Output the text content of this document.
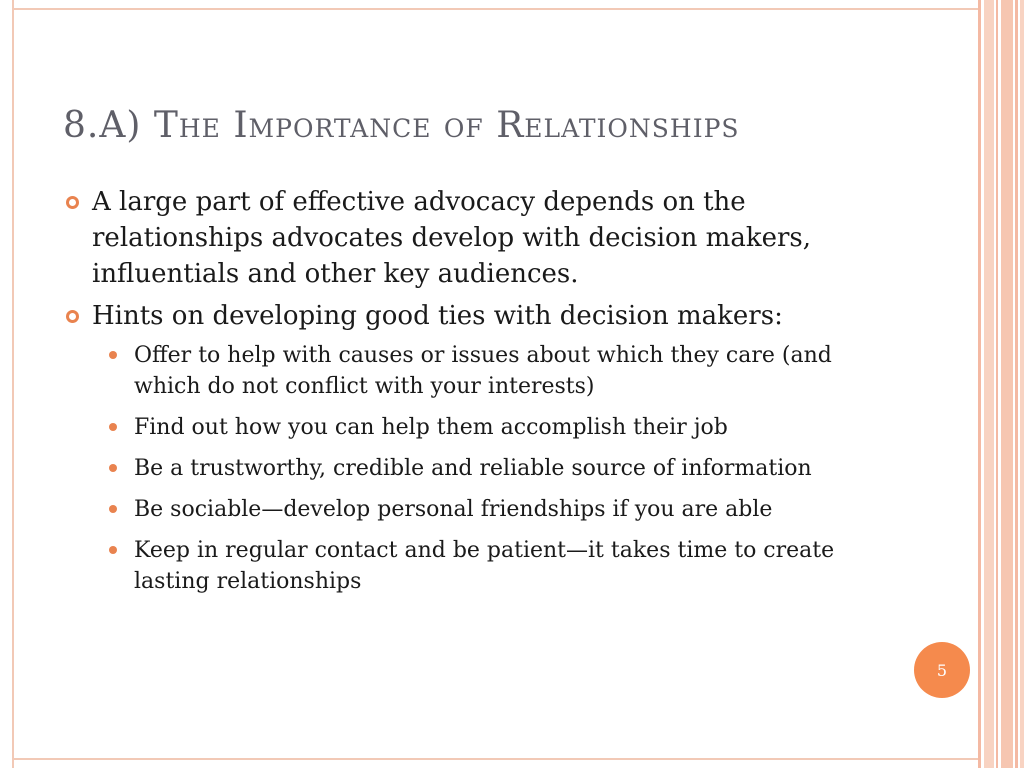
8.A) The Importance of Relationships
A large part of effective advocacy depends on the relationships advocates develop with decision makers, influentials and other key audiences.
Hints on developing good ties with decision makers:
Offer to help with causes or issues about which they care (and which do not conflict with your interests)
Find out how you can help them accomplish their job
Be a trustworthy, credible and reliable source of information
Be sociable—develop personal friendships if you are able
Keep in regular contact and be patient—it takes time to create lasting relationships
5
